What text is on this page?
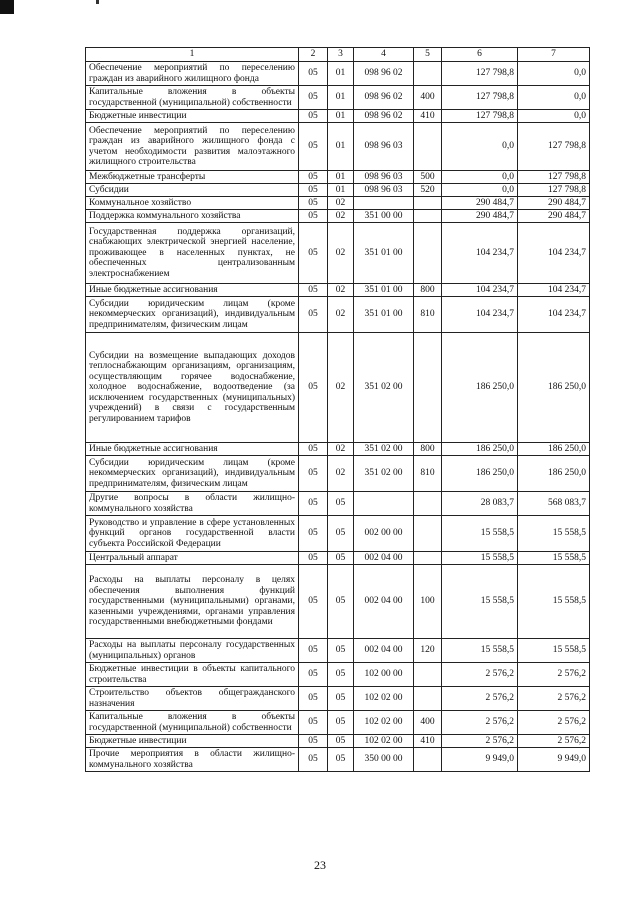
1	2	3	4	5	6	7
Обеспечение мероприятий по переселению граждан из аварийного жилищного фонда	05	01	098 96 02		127 798,8	0,0
Капитальные вложения в объекты государственной (муниципальной) собственности	05	01	098 96 02	400	127 798,8	0,0
Бюджетные инвестиции	05	01	098 96 02	410	127 798,8	0,0
Обеспечение мероприятий по переселению граждан из аварийного жилищного фонда с учетом необходимости развития малоэтажного жилищного строительства	05	01	098 96 03		0,0	127 798,8
Межбюджетные трансферты	05	01	098 96 03	500	0,0	127 798,8
Субсидии	05	01	098 96 03	520	0,0	127 798,8
Коммунальное хозяйство	05	02			290 484,7	290 484,7
Поддержка коммунального хозяйства	05	02	351 00 00		290 484,7	290 484,7
Государственная поддержка организаций, снабжающих электрической энергией население, проживающее в населенных пунктах, не обеспеченных централизованным электроснабжением	05	02	351 01 00		104 234,7	104 234,7
Иные бюджетные ассигнования	05	02	351 01 00	800	104 234,7	104 234,7
Субсидии юридическим лицам (кроме некоммерческих организаций), индивидуальным предпринимателям, физическим лицам	05	02	351 01 00	810	104 234,7	104 234,7
Субсидии на возмещение выпадающих доходов теплоснабжающим организациям, организациям, осуществляющим горячее водоснабжение, холодное водоснабжение, водоотведение (за исключением государственных (муниципальных) учреждений) в связи с государственным регулированием тарифов	05	02	351 02 00		186 250,0	186 250,0
Иные бюджетные ассигнования	05	02	351 02 00	800	186 250,0	186 250,0
Субсидии юридическим лицам (кроме некоммерческих организаций), индивидуальным предпринимателям, физическим лицам	05	02	351 02 00	810	186 250,0	186 250,0
Другие вопросы в области жилищно-коммунального хозяйства	05	05			28 083,7	568 083,7
Руководство и управление в сфере установленных функций органов государственной власти субъекта Российской Федерации	05	05	002 00 00		15 558,5	15 558,5
Центральный аппарат	05	05	002 04 00		15 558,5	15 558,5
Расходы на выплаты персоналу в целях обеспечения выполнения функций государственными (муниципальными) органами, казенными учреждениями, органами управления государственными внебюджетными фондами	05	05	002 04 00	100	15 558,5	15 558,5
Расходы на выплаты персоналу государственных (муниципальных) органов	05	05	002 04 00	120	15 558,5	15 558,5
Бюджетные инвестиции в объекты капитального строительства	05	05	102 00 00		2 576,2	2 576,2
Строительство объектов общегражданского назначения	05	05	102 02 00		2 576,2	2 576,2
Капитальные вложения в объекты государственной (муниципальной) собственности	05	05	102 02 00	400	2 576,2	2 576,2
Бюджетные инвестиции	05	05	102 02 00	410	2 576,2	2 576,2
Прочие мероприятия в области жилищно-коммунального хозяйства	05	05	350 00 00		9 949,0	9 949,0
23
